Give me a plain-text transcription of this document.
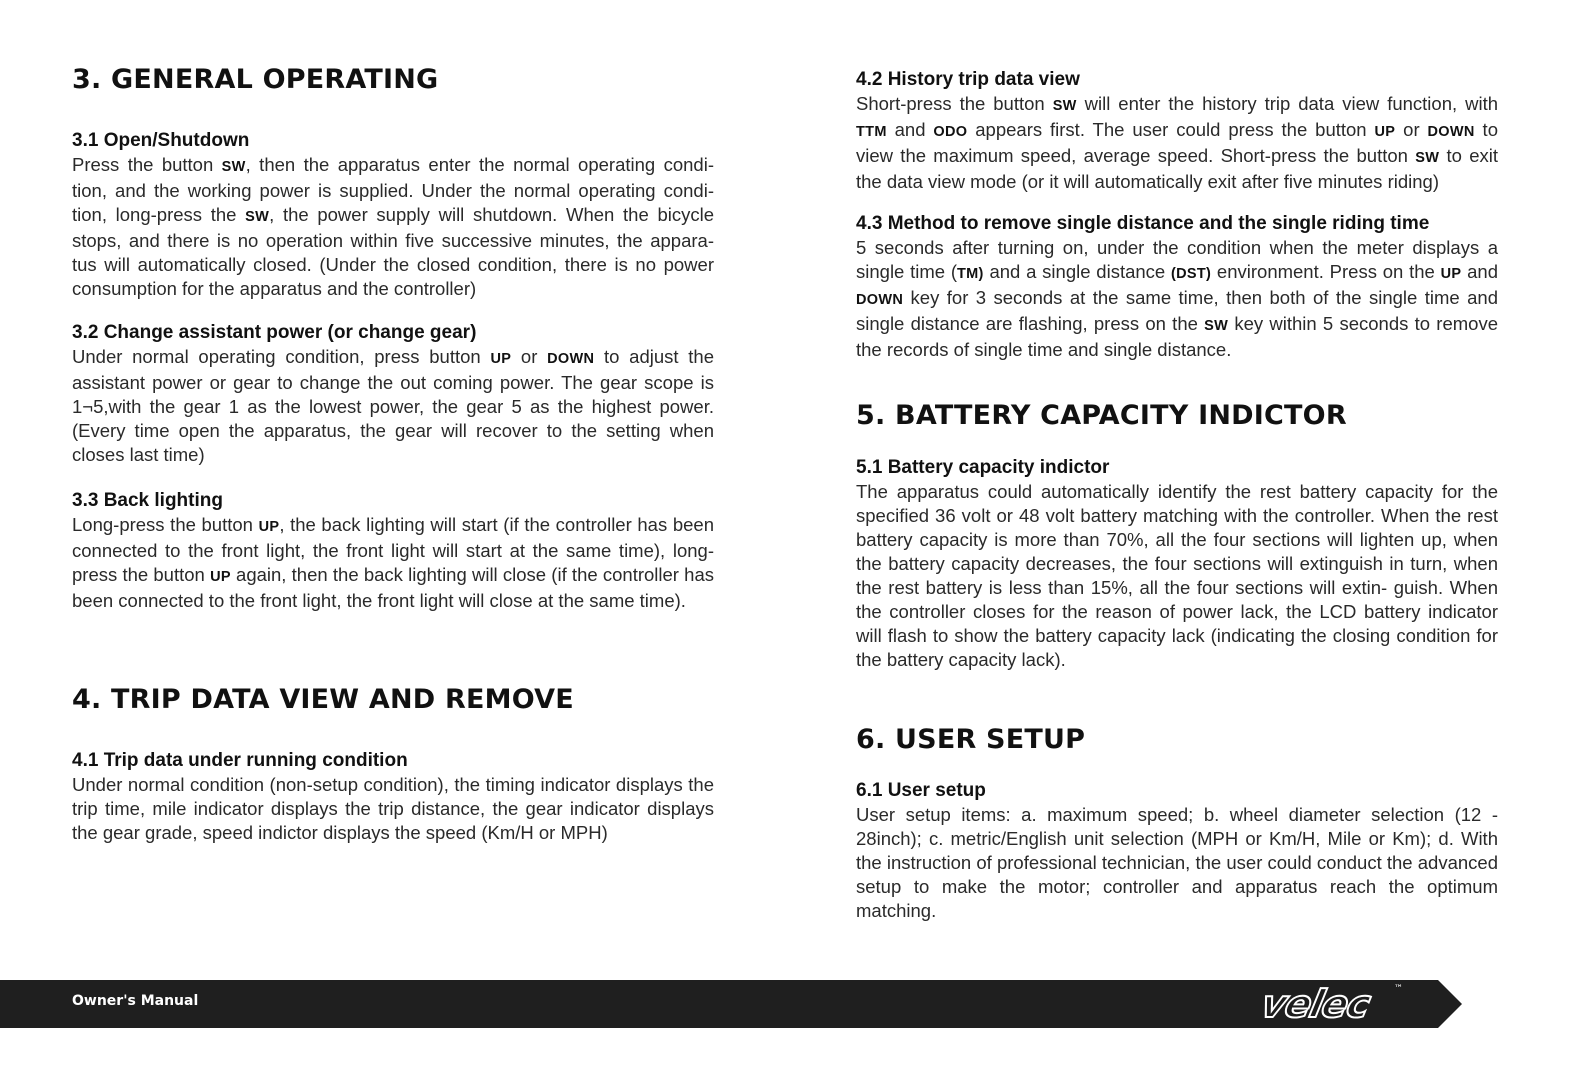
3. GENERAL OPERATING
3.1 Open/Shutdown

Press the button SW, then the apparatus enter the normal operating condi- tion, and the working power is supplied. Under the normal operating condi- tion, long-press the SW, the power supply will shutdown. When the bicycle stops, and there is no operation within five successive minutes, the appara- tus will automatically closed. (Under the closed condition, there is no power consumption for the apparatus and the controller)

3.2 Change assistant power (or change gear)

Under normal operating condition, press button UP or DOWN to adjust the assistant power or gear to change the out coming power. The gear scope is 1¬5,with the gear 1 as the lowest power, the gear 5 as the highest power. (Every time open the apparatus, the gear will recover to the setting when closes last time)

3.3 Back lighting

Long-press the button UP, the back lighting will start (if the controller has been connected to the front light, the front light will start at the same time), long-press the button UP again, then the back lighting will close (if the controller has been connected to the front light, the front light will close at the same time).

4. TRIP DATA VIEW AND REMOVE
4.1 Trip data under running condition

Under normal condition (non-setup condition), the timing indicator displays the trip time, mile indicator displays the trip distance, the gear indicator displays the gear grade, speed indictor displays the speed (Km/H or MPH)

4.2 History trip data view

Short-press the button SW will enter the history trip data view function, with TTM and ODO appears first. The user could press the button UP or DOWN to view the maximum speed, average speed. Short-press the button SW to exit the data view mode (or it will automatically exit after five minutes riding)

4.3 Method to remove single distance and the single riding time

5 seconds after turning on, under the condition when the meter displays a single time (TM) and a single distance (DST) environment. Press on the UP and DOWN key for 3 seconds at the same time, then both of the single time and single distance are flashing, press on the SW key within 5 seconds to remove the records of single time and single distance.

5. BATTERY CAPACITY INDICTOR
5.1 Battery capacity indictor

The apparatus could automatically identify the rest battery capacity for the specified 36 volt or 48 volt battery matching with the controller. When the rest battery capacity is more than 70%, all the four sections will lighten up, when the battery capacity decreases, the four sections will extinguish in turn, when the rest battery is less than 15%, all the four sections will extin- guish. When the controller closes for the reason of power lack, the LCD battery indicator will flash to show the battery capacity lack (indicating the closing condition for the battery capacity lack).

6. USER SETUP
6.1 User setup

User setup items: a. maximum speed; b. wheel diameter selection (12 - 28inch); c. metric/English unit selection (MPH or Km/H, Mile or Km); d. With the instruction of professional technician, the user could conduct the advanced setup to make the motor; controller and apparatus reach the optimum matching.

Owner's Manual	velec ™
